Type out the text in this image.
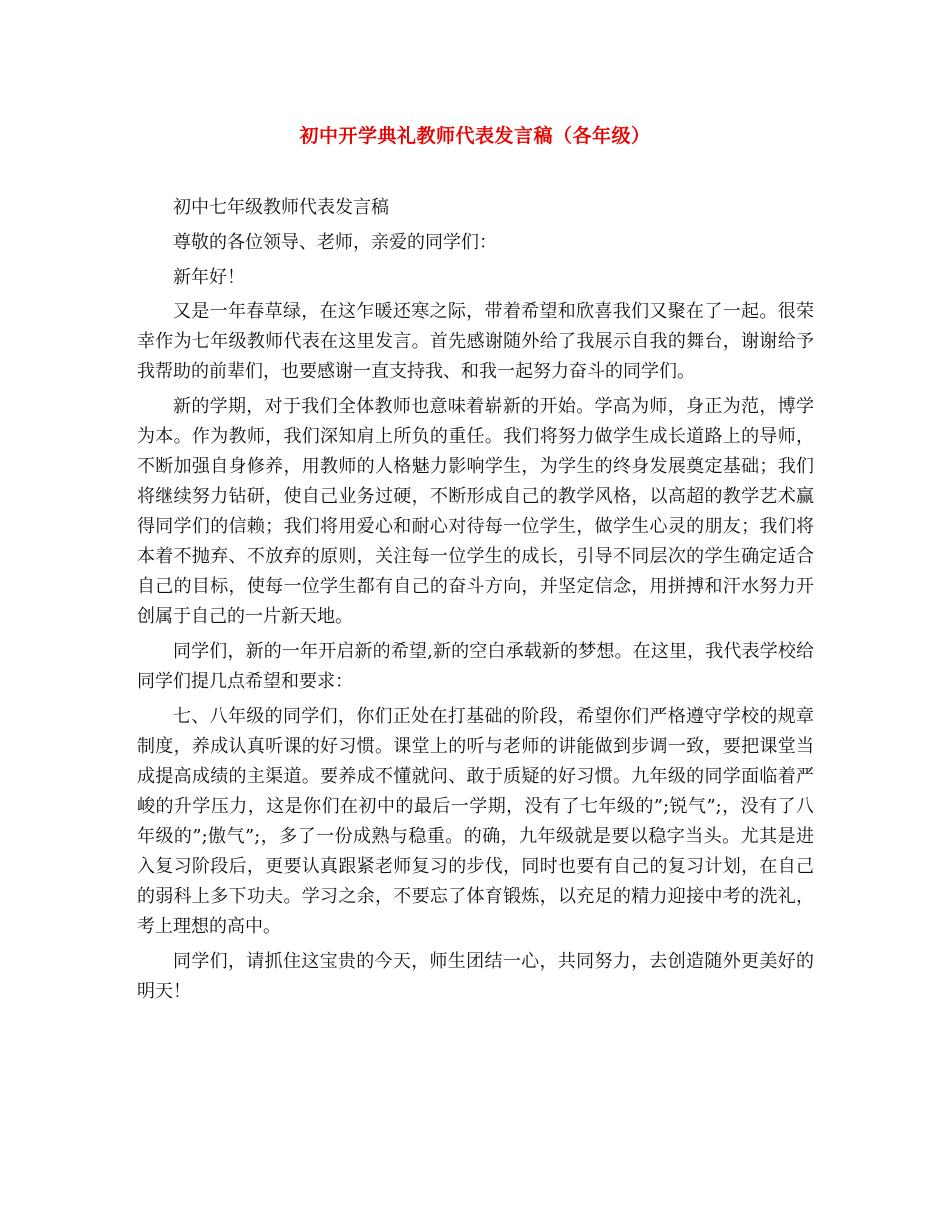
初中开学典礼教师代表发言稿（各年级）

初中七年级教师代表发言稿

尊敬的各位领导、老师，亲爱的同学们：

新年好！

又是一年春草绿，在这乍暖还寒之际，带着希望和欣喜我们又聚在了一起。很荣幸作为七年级教师代表在这里发言。首先感谢随外给了我展示自我的舞台，谢谢给予我帮助的前辈们，也要感谢一直支持我、和我一起努力奋斗的同学们。

新的学期，对于我们全体教师也意味着崭新的开始。学高为师，身正为范，博学为本。作为教师，我们深知肩上所负的重任。我们将努力做学生成长道路上的导师，不断加强自身修养，用教师的人格魅力影响学生，为学生的终身发展奠定基础；我们将继续努力钻研，使自己业务过硬，不断形成自己的教学风格，以高超的教学艺术赢得同学们的信赖；我们将用爱心和耐心对待每一位学生，做学生心灵的朋友；我们将本着不抛弃、不放弃的原则，关注每一位学生的成长，引导不同层次的学生确定适合自己的目标，使每一位学生都有自己的奋斗方向，并坚定信念，用拼搏和汗水努力开创属于自己的一片新天地。

同学们，新的一年开启新的希望,新的空白承载新的梦想。在这里，我代表学校给同学们提几点希望和要求：

七、八年级的同学们，你们正处在打基础的阶段，希望你们严格遵守学校的规章制度，养成认真听课的好习惯。课堂上的听与老师的讲能做到步调一致，要把课堂当成提高成绩的主渠道。要养成不懂就问、敢于质疑的好习惯。九年级的同学面临着严峻的升学压力，这是你们在初中的最后一学期，没有了七年级的”;锐气”;，没有了八年级的”;傲气”;，多了一份成熟与稳重。的确，九年级就是要以稳字当头。尤其是进入复习阶段后，更要认真跟紧老师复习的步伐，同时也要有自己的复习计划，在自己的弱科上多下功夫。学习之余，不要忘了体育锻炼，以充足的精力迎接中考的洗礼，考上理想的高中。

同学们，请抓住这宝贵的今天，师生团结一心，共同努力，去创造随外更美好的明天！
